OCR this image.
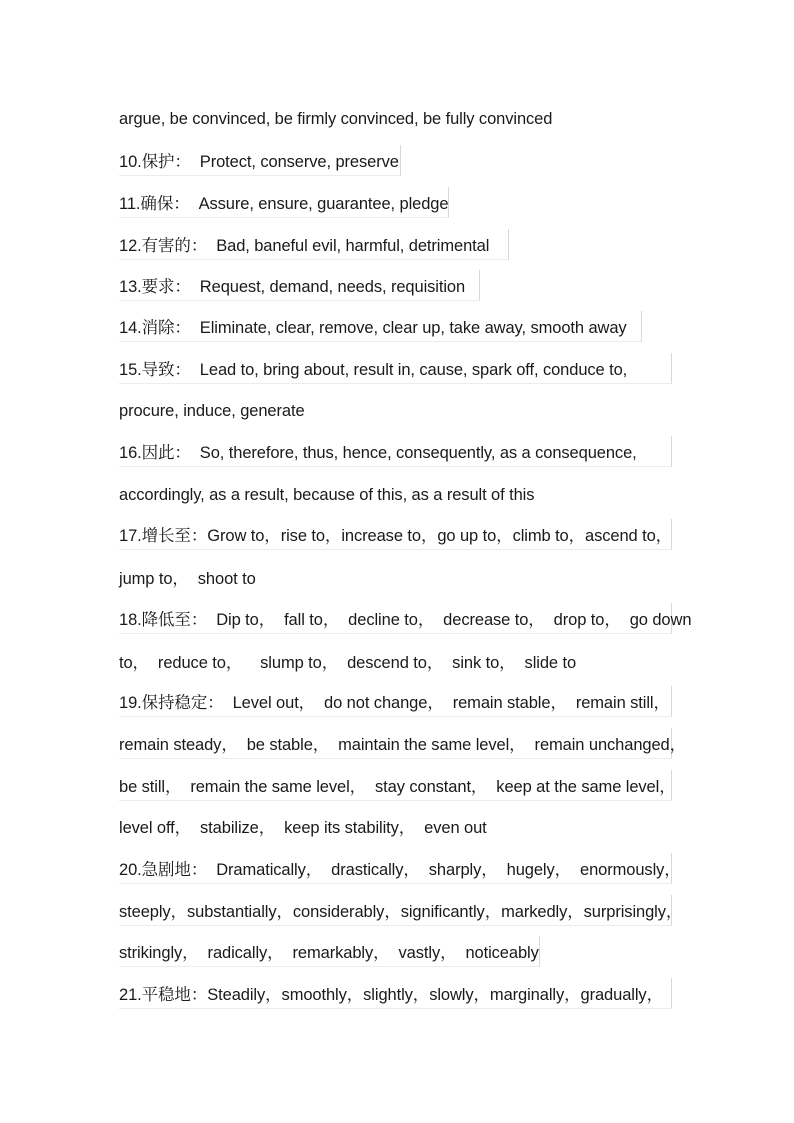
argue, be convinced, be firmly convinced, be fully convinced
10.保护：  Protect, conserve, preserve
11.确保：  Assure, ensure, guarantee, pledge
12.有害的：  Bad, baneful evil, harmful, detrimental
13.要求：  Request, demand, needs, requisition
14.消除：  Eliminate, clear, remove, clear up, take away, smooth away
15.导致：  Lead to, bring about, result in, cause, spark off, conduce to,
procure, induce, generate
16.因此：  So, therefore, thus, hence, consequently, as a consequence,
accordingly, as a result, because of this, as a result of this
17.增长至：Grow to，rise to，increase to，go up to，climb to，ascend to，
jump to，  shoot to
18.降低至：  Dip to，  fall to，  decline to，  decrease to，  drop to，  go down
to，  reduce to，    slump to，  descend to，  sink to，  slide to
19.保持稳定：  Level out，  do not change，  remain stable，  remain still，
remain steady，  be stable，  maintain the same level，  remain unchanged，
be still，  remain the same level，  stay constant，  keep at the same level，
level off，  stabilize，  keep its stability，  even out
20.急剧地：  Dramatically，  drastically，  sharply，  hugely，  enormously，
steeply，substantially，considerably，significantly，markedly，surprisingly，
strikingly，  radically，  remarkably，  vastly，  noticeably
21.平稳地：Steadily，smoothly，slightly，slowly，marginally，gradually，
